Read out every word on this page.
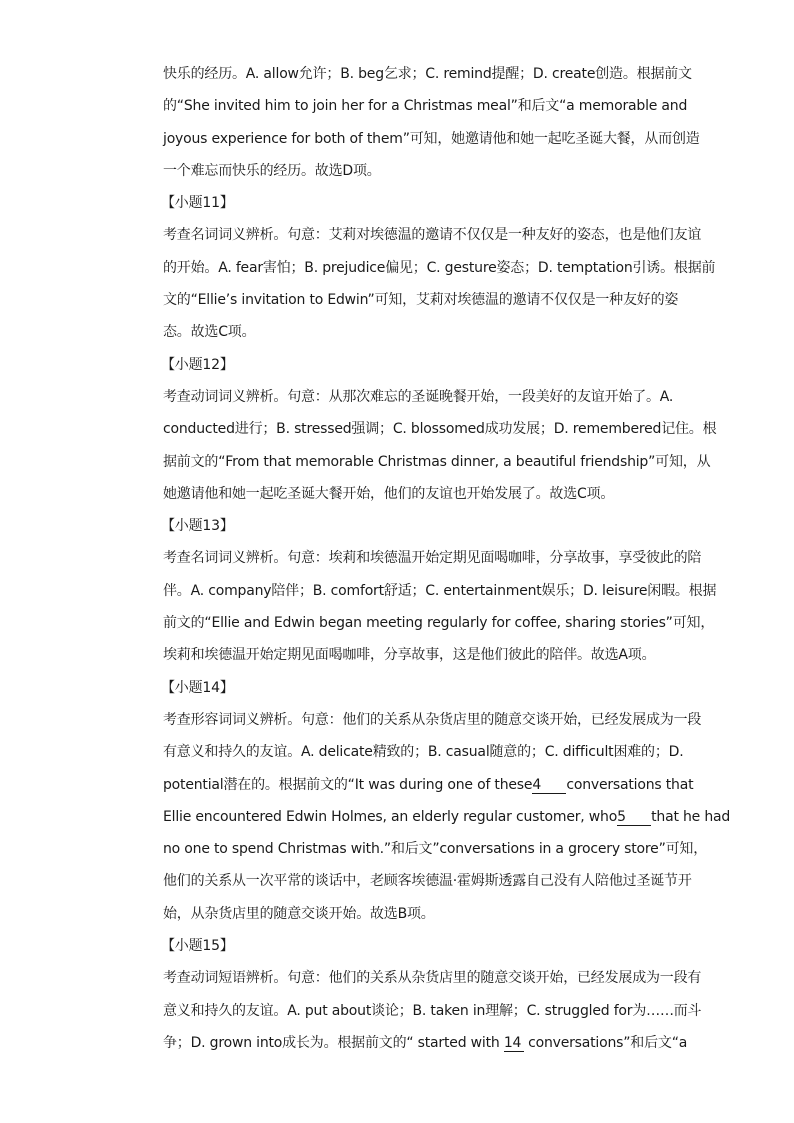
快乐的经历。A. allow允许；B. beg乞求；C. remind提醒；D. create创造。根据前文
的“She invited him to join her for a Christmas meal”和后文“a memorable and
joyous experience for both of them”可知，她邀请他和她一起吃圣诞大餐，从而创造
一个难忘而快乐的经历。故选D项。
【小题11】
考查名词词义辨析。句意：艾莉对埃德温的邀请不仅仅是一种友好的姿态，也是他们友谊
的开始。A. fear害怕；B. prejudice偏见；C. gesture姿态；D. temptation引诱。根据前
文的“Ellie’s invitation to Edwin”可知，艾莉对埃德温的邀请不仅仅是一种友好的姿
态。故选C项。
【小题12】
考查动词词义辨析。句意：从那次难忘的圣诞晚餐开始，一段美好的友谊开始了。A.
conducted进行；B. stressed强调；C. blossomed成功发展；D. remembered记住。根
据前文的“From that memorable Christmas dinner, a beautiful friendship”可知，从
她邀请他和她一起吃圣诞大餐开始，他们的友谊也开始发展了。故选C项。
【小题13】
考查名词词义辨析。句意：埃莉和埃德温开始定期见面喝咖啡，分享故事，享受彼此的陪
伴。A. company陪伴；B. comfort舒适；C. entertainment娱乐；D. leisure闲暇。根据
前文的“Ellie and Edwin began meeting regularly for coffee, sharing stories”可知，
埃莉和埃德温开始定期见面喝咖啡，分享故事，这是他们彼此的陪伴。故选A项。
【小题14】
考查形容词词义辨析。句意：他们的关系从杂货店里的随意交谈开始，已经发展成为一段
有意义和持久的友谊。A. delicate精致的；B. casual随意的；C. difficult困难的；D.
potential潜在的。根据前文的“It was during one of these4 conversations that
Ellie encountered Edwin Holmes, an elderly regular customer, who5 that he had
no one to spend Christmas with.”和后文”conversations in a grocery store”可知，
他们的关系从一次平常的谈话中，老顾客埃德温·霍姆斯透露自己没有人陪他过圣诞节开
始，从杂货店里的随意交谈开始。故选B项。
【小题15】
考查动词短语辨析。句意：他们的关系从杂货店里的随意交谈开始，已经发展成为一段有
意义和持久的友谊。A. put about谈论；B. taken in理解；C. struggled for为……而斗
争；D. grown into成长为。根据前文的“ started with 14 conversations”和后文“a
